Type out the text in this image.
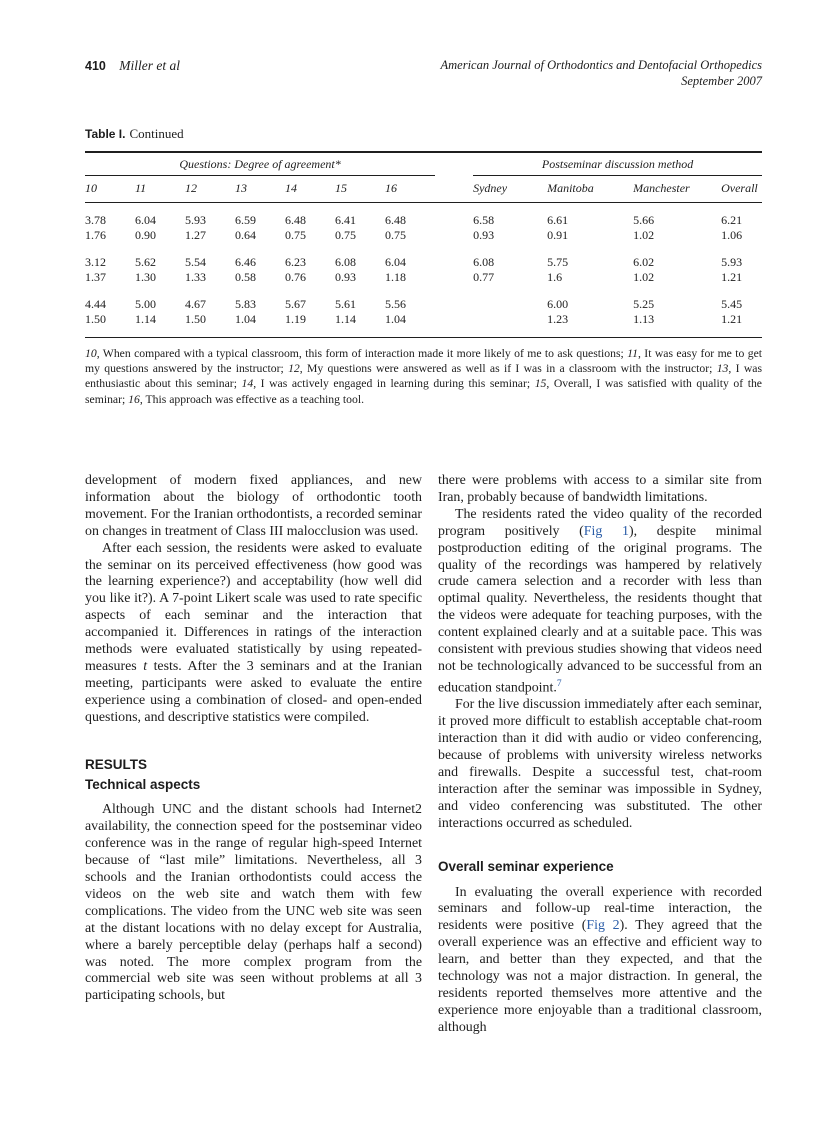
410 Miller et al	American Journal of Orthodontics and Dentofacial Orthopedics
September 2007
Table I. Continued
Questions: Degree of agreement*								Postseminar discussion method			
10	11	12	13	14	15	16		Sydney	Manitoba	Manchester	Overall

3.78	6.04	5.93	6.59	6.48	6.41	6.48		6.58	6.61	5.66	6.21
1.76	0.90	1.27	0.64	0.75	0.75	0.75		0.93	0.91	1.02	1.06

3.12	5.62	5.54	6.46	6.23	6.08	6.04		6.08	5.75	6.02	5.93
1.37	1.30	1.33	0.58	0.76	0.93	1.18		0.77	1.6	1.02	1.21

4.44	5.00	4.67	5.83	5.67	5.61	5.56			6.00	5.25	5.45
1.50	1.14	1.50	1.04	1.19	1.14	1.04			1.23	1.13	1.21

10, When compared with a typical classroom, this form of interaction made it more likely of me to ask questions; 11, It was easy for me to get my questions answered by the instructor; 12, My questions were answered as well as if I was in a classroom with the instructor; 13, I was enthusiastic about this seminar; 14, I was actively engaged in learning during this seminar; 15, Overall, I was satisfied with quality of the seminar; 16, This approach was effective as a teaching tool.

development of modern fixed appliances, and new information about the biology of orthodontic tooth movement. For the Iranian orthodontists, a recorded seminar on changes in treatment of Class III malocclusion was used.

After each session, the residents were asked to evaluate the seminar on its perceived effectiveness (how good was the learning experience?) and acceptability (how well did you like it?). A 7-point Likert scale was used to rate specific aspects of each seminar and the interaction that accompanied it. Differences in ratings of the interaction methods were evaluated statistically by using repeated-measures t tests. After the 3 seminars and at the Iranian meeting, participants were asked to evaluate the entire experience using a combination of closed- and open-ended questions, and descriptive statistics were compiled.

RESULTS
Technical aspects

Although UNC and the distant schools had Internet2 availability, the connection speed for the postseminar video conference was in the range of regular high-speed Internet because of “last mile” limitations. Nevertheless, all 3 schools and the Iranian orthodontists could access the videos on the web site and watch them with few complications. The video from the UNC web site was seen at the distant locations with no delay except for Australia, where a barely perceptible delay (perhaps half a second) was noted. The more complex program from the commercial web site was seen without problems at all 3 participating schools, but

there were problems with access to a similar site from Iran, probably because of bandwidth limitations.

The residents rated the video quality of the recorded program positively (Fig 1), despite minimal postproduction editing of the original programs. The quality of the recordings was hampered by relatively crude camera selection and a recorder with less than optimal quality. Nevertheless, the residents thought that the videos were adequate for teaching purposes, with the content explained clearly and at a suitable pace. This was consistent with previous studies showing that videos need not be technologically advanced to be successful from an education standpoint.$^7$

For the live discussion immediately after each seminar, it proved more difficult to establish acceptable chat-room interaction than it did with audio or video conferencing, because of problems with university wireless networks and firewalls. Despite a successful test, chat-room interaction after the seminar was impossible in Sydney, and video conferencing was substituted. The other interactions occurred as scheduled.

Overall seminar experience

In evaluating the overall experience with recorded seminars and follow-up real-time interaction, the residents were positive (Fig 2). They agreed that the overall experience was an effective and efficient way to learn, and better than they expected, and that the technology was not a major distraction. In general, the residents reported themselves more attentive and the experience more enjoyable than a traditional classroom, although
